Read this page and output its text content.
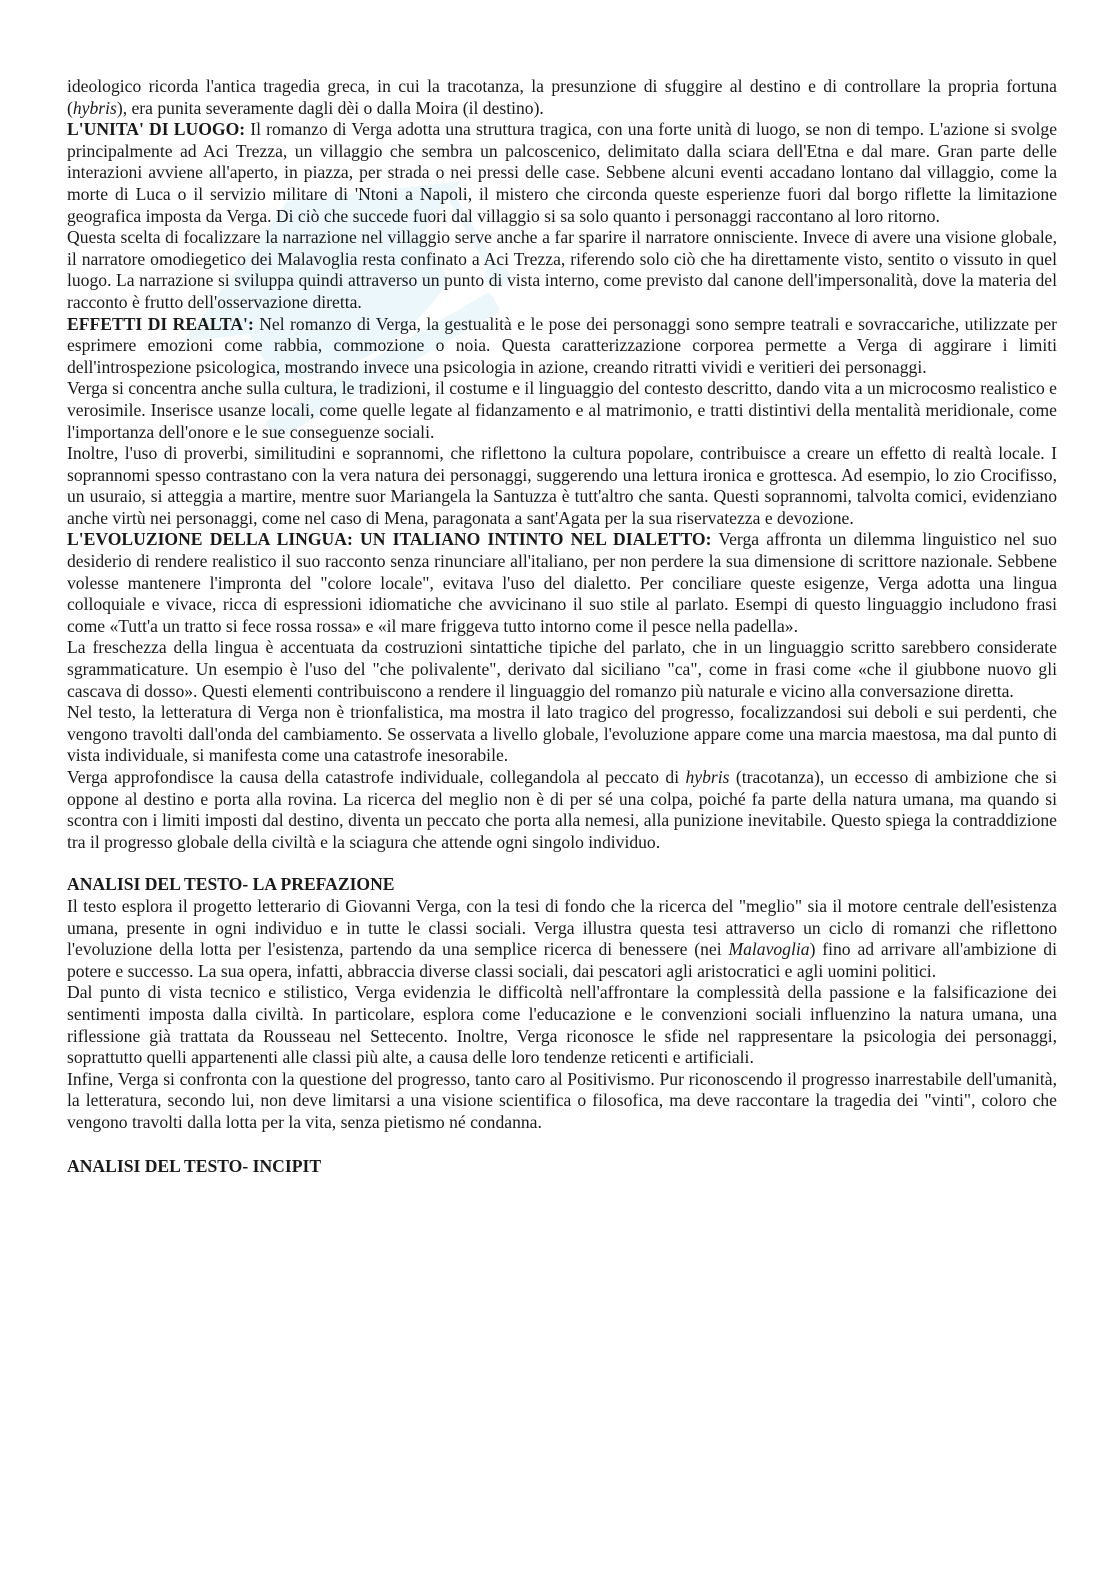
ideologico ricorda l'antica tragedia greca, in cui la tracotanza, la presunzione di sfuggire al destino e di controllare la propria fortuna (hybris), era punita severamente dagli dèi o dalla Moira (il destino).

L'UNITA' DI LUOGO: Il romanzo di Verga adotta una struttura tragica, con una forte unità di luogo, se non di tempo. L'azione si svolge principalmente ad Aci Trezza, un villaggio che sembra un palcoscenico, delimitato dalla sciara dell'Etna e dal mare. Gran parte delle interazioni avviene all'aperto, in piazza, per strada o nei pressi delle case. Sebbene alcuni eventi accadano lontano dal villaggio, come la morte di Luca o il servizio militare di 'Ntoni a Napoli, il mistero che circonda queste esperienze fuori dal borgo riflette la limitazione geografica imposta da Verga. Di ciò che succede fuori dal villaggio si sa solo quanto i personaggi raccontano al loro ritorno.

Questa scelta di focalizzare la narrazione nel villaggio serve anche a far sparire il narratore onnisciente. Invece di avere una visione globale, il narratore omodiegetico dei Malavoglia resta confinato a Aci Trezza, riferendo solo ciò che ha direttamente visto, sentito o vissuto in quel luogo. La narrazione si sviluppa quindi attraverso un punto di vista interno, come previsto dal canone dell'impersonalità, dove la materia del racconto è frutto dell'osservazione diretta.

EFFETTI DI REALTA': Nel romanzo di Verga, la gestualità e le pose dei personaggi sono sempre teatrali e sovraccariche, utilizzate per esprimere emozioni come rabbia, commozione o noia. Questa caratterizzazione corporea permette a Verga di aggirare i limiti dell'introspezione psicologica, mostrando invece una psicologia in azione, creando ritratti vividi e veritieri dei personaggi.

Verga si concentra anche sulla cultura, le tradizioni, il costume e il linguaggio del contesto descritto, dando vita a un microcosmo realistico e verosimile. Inserisce usanze locali, come quelle legate al fidanzamento e al matrimonio, e tratti distintivi della mentalità meridionale, come l'importanza dell'onore e le sue conseguenze sociali.

Inoltre, l'uso di proverbi, similitudini e soprannomi, che riflettono la cultura popolare, contribuisce a creare un effetto di realtà locale. I soprannomi spesso contrastano con la vera natura dei personaggi, suggerendo una lettura ironica e grottesca. Ad esempio, lo zio Crocifisso, un usuraio, si atteggia a martire, mentre suor Mariangela la Santuzza è tutt'altro che santa. Questi soprannomi, talvolta comici, evidenziano anche virtù nei personaggi, come nel caso di Mena, paragonata a sant'Agata per la sua riservatezza e devozione.

L'EVOLUZIONE DELLA LINGUA: UN ITALIANO INTINTO NEL DIALETTO: Verga affronta un dilemma linguistico nel suo desiderio di rendere realistico il suo racconto senza rinunciare all'italiano, per non perdere la sua dimensione di scrittore nazionale. Sebbene volesse mantenere l'impronta del "colore locale", evitava l'uso del dialetto. Per conciliare queste esigenze, Verga adotta una lingua colloquiale e vivace, ricca di espressioni idiomatiche che avvicinano il suo stile al parlato. Esempi di questo linguaggio includono frasi come «Tutt'a un tratto si fece rossa rossa» e «il mare friggeva tutto intorno come il pesce nella padella».

La freschezza della lingua è accentuata da costruzioni sintattiche tipiche del parlato, che in un linguaggio scritto sarebbero considerate sgrammaticature. Un esempio è l'uso del "che polivalente", derivato dal siciliano "ca", come in frasi come «che il giubbone nuovo gli cascava di dosso». Questi elementi contribuiscono a rendere il linguaggio del romanzo più naturale e vicino alla conversazione diretta.

Nel testo, la letteratura di Verga non è trionfalistica, ma mostra il lato tragico del progresso, focalizzandosi sui deboli e sui perdenti, che vengono travolti dall'onda del cambiamento. Se osservata a livello globale, l'evoluzione appare come una marcia maestosa, ma dal punto di vista individuale, si manifesta come una catastrofe inesorabile.

Verga approfondisce la causa della catastrofe individuale, collegandola al peccato di hybris (tracotanza), un eccesso di ambizione che si oppone al destino e porta alla rovina. La ricerca del meglio non è di per sé una colpa, poiché fa parte della natura umana, ma quando si scontra con i limiti imposti dal destino, diventa un peccato che porta alla nemesi, alla punizione inevitabile. Questo spiega la contraddizione tra il progresso globale della civiltà e la sciagura che attende ogni singolo individuo.

ANALISI DEL TESTO- LA PREFAZIONE

Il testo esplora il progetto letterario di Giovanni Verga, con la tesi di fondo che la ricerca del "meglio" sia il motore centrale dell'esistenza umana, presente in ogni individuo e in tutte le classi sociali. Verga illustra questa tesi attraverso un ciclo di romanzi che riflettono l'evoluzione della lotta per l'esistenza, partendo da una semplice ricerca di benessere (nei Malavoglia) fino ad arrivare all'ambizione di potere e successo. La sua opera, infatti, abbraccia diverse classi sociali, dai pescatori agli aristocratici e agli uomini politici.

Dal punto di vista tecnico e stilistico, Verga evidenzia le difficoltà nell'affrontare la complessità della passione e la falsificazione dei sentimenti imposta dalla civiltà. In particolare, esplora come l'educazione e le convenzioni sociali influenzino la natura umana, una riflessione già trattata da Rousseau nel Settecento. Inoltre, Verga riconosce le sfide nel rappresentare la psicologia dei personaggi, soprattutto quelli appartenenti alle classi più alte, a causa delle loro tendenze reticenti e artificiali.

Infine, Verga si confronta con la questione del progresso, tanto caro al Positivismo. Pur riconoscendo il progresso inarrestabile dell'umanità, la letteratura, secondo lui, non deve limitarsi a una visione scientifica o filosofica, ma deve raccontare la tragedia dei "vinti", coloro che vengono travolti dalla lotta per la vita, senza pietismo né condanna.

ANALISI DEL TESTO- INCIPIT
